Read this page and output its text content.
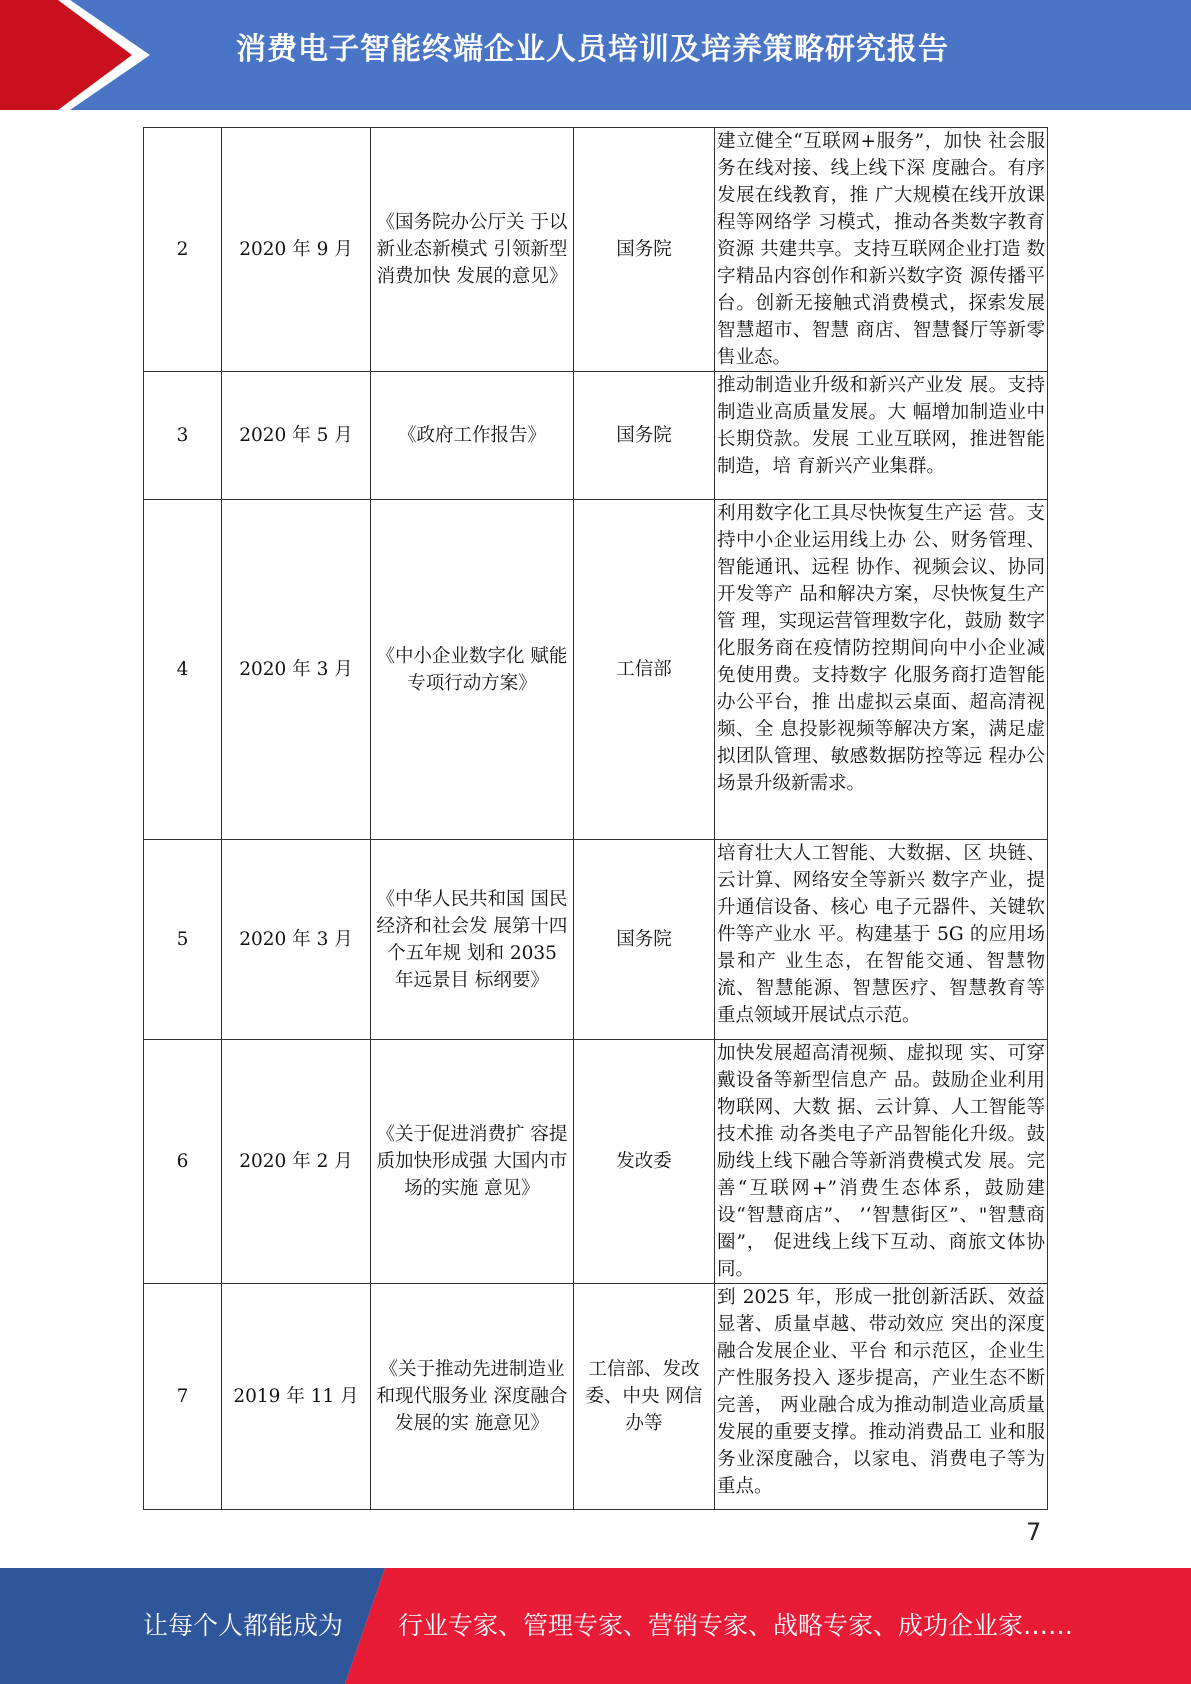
消费电子智能终端企业人员培训及培养策略研究报告
2	2020 年 9 月	《国务院办公厅关 于以新业态新模式 引领新型消费加快 发展的意见》	国务院	建立健全“互联网+服务”，加快 社会服务在线对接、线上线下深 度融合。有序发展在线教育，推 广大规模在线开放课程等网络学 习模式，推动各类数字教育资源 共建共享。支持互联网企业打造 数字精品内容创作和新兴数字资 源传播平台。创新无接触式消费模式，探索发展智慧超市、智慧 商店、智慧餐厅等新零售业态。
3	2020 年 5 月	《政府工作报告》	国务院	推动制造业升级和新兴产业发 展。支持制造业高质量发展。大 幅增加制造业中长期贷款。发展 工业互联网，推进智能制造，培 育新兴产业集群。
4	2020 年 3 月	《中小企业数字化 赋能专项行动方案》	工信部	利用数字化工具尽快恢复生产运 营。支持中小企业运用线上办 公、财务管理、智能通讯、远程 协作、视频会议、协同开发等产 品和解决方案，尽快恢复生产管 理，实现运营管理数字化，鼓励 数字化服务商在疫情防控期间向中小企业减免使用费。支持数字 化服务商打造智能办公平台，推 出虚拟云桌面、超高清视频、全 息投影视频等解决方案，满足虚 拟团队管理、敏感数据防控等远 程办公场景升级新需求。
5	2020 年 3 月	《中华人民共和国 国民经济和社会发 展第十四个五年规 划和 2035 年远景目 标纲要》	国务院	培育壮大人工智能、大数据、区 块链、云计算、网络安全等新兴 数字产业，提升通信设备、核心 电子元器件、关键软件等产业水 平。构建基于 5G 的应用场景和产 业生态，在智能交通、智慧物 流、智慧能源、智慧医疗、智慧教育等重点领域开展试点示范。
6	2020 年 2 月	《关于促进消费扩 容提质加快形成强 大国内市场的实施 意见》	发改委	加快发展超高清视频、虚拟现 实、可穿戴设备等新型信息产 品。鼓励企业利用物联网、大数 据、云计算、人工智能等技术推 动各类电子产品智能化升级。鼓 励线上线下融合等新消费模式发 展。完善“互联网+”消费生态体系，鼓励建设“智慧商店”、 ’‘智慧街区”、"智慧商圈”， 促进线上线下互动、商旅文体协 同。
7	2019 年 11 月	《关于推动先进制造业和现代服务业 深度融合发展的实 施意见》	工信部、发改委、中央 网信办等	到 2025 年，形成一批创新活跃、效益显著、质量卓越、带动效应 突出的深度融合发展企业、平台 和示范区，企业生产性服务投入 逐步提高，产业生态不断完善， 两业融合成为推动制造业高质量 发展的重要支撑。推动消费品工 业和服务业深度融合，以家电、消费电子等为重点。
7
让每个人都能成为 行业专家、管理专家、营销专家、战略专家、成功企业家……
